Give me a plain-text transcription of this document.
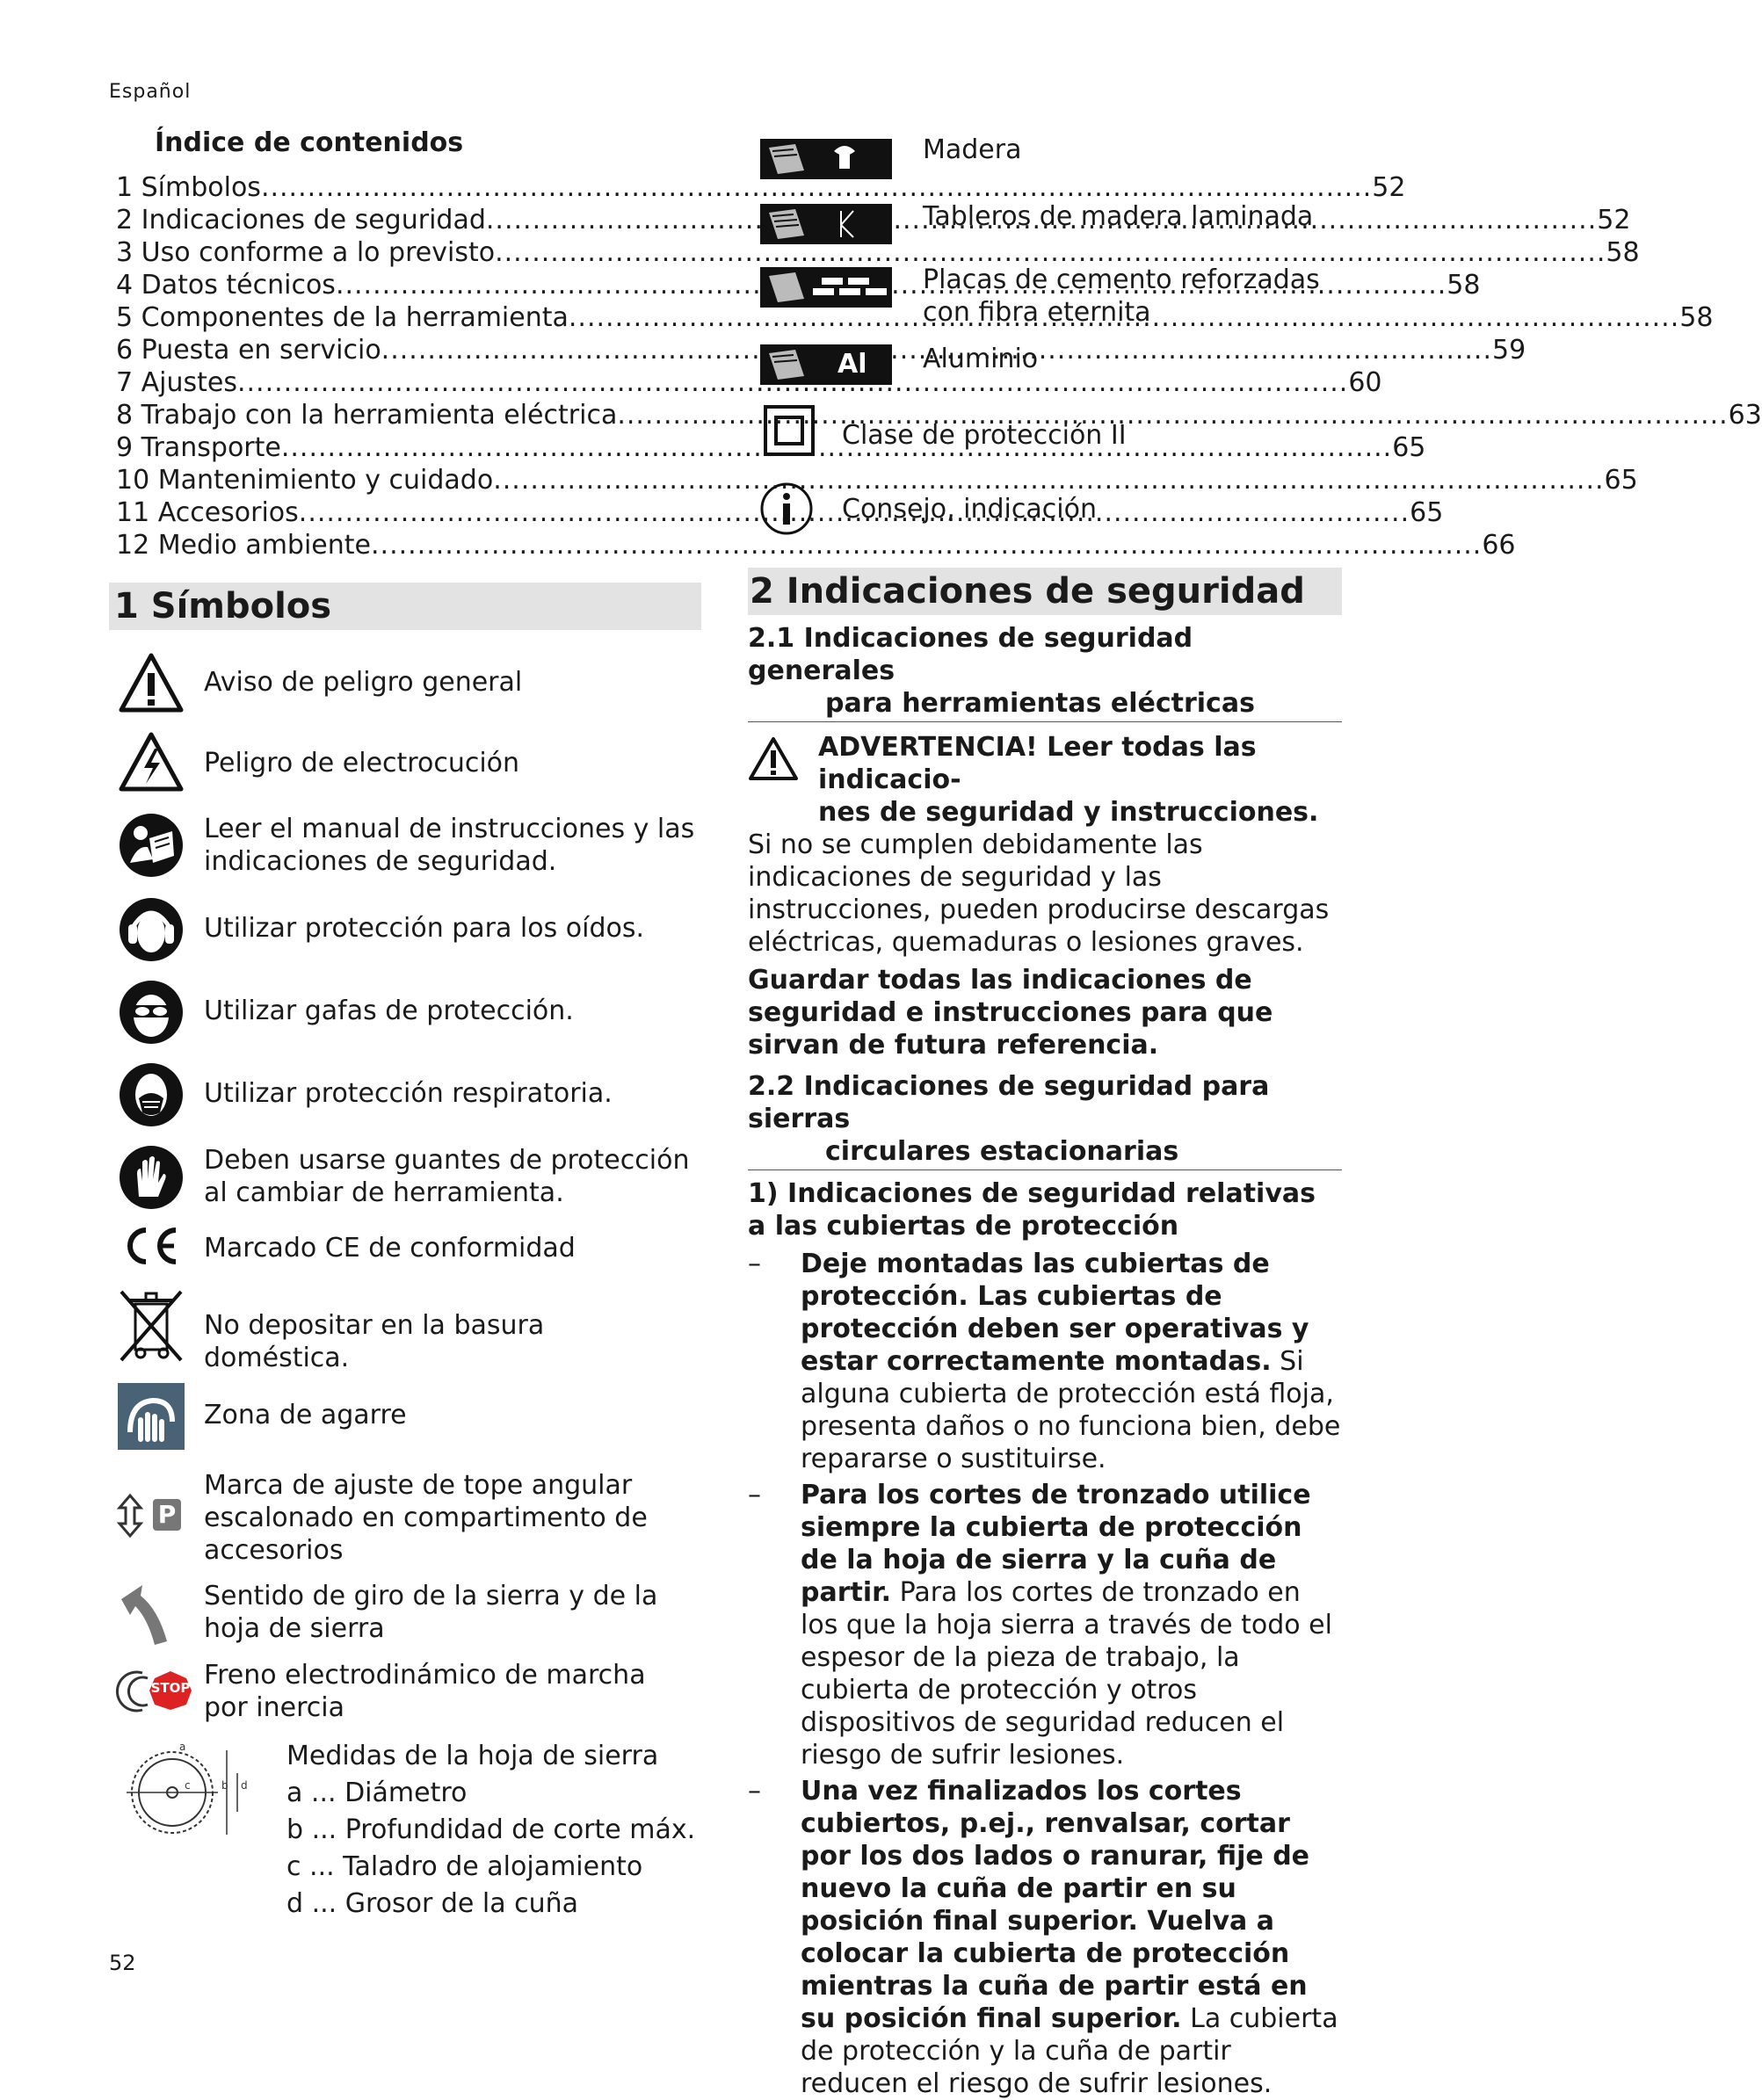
Español
Índice de contenidos
1 Símbolos .....	52
2 Indicaciones de seguridad .....	52
3 Uso conforme a lo previsto .....	58
4 Datos técnicos .....	58
5 Componentes de la herramienta .....	58
6 Puesta en servicio .....	59
7 Ajustes .....	60
8 Trabajo con la herramienta eléctrica .....	63
9 Transporte .....	65
10 Mantenimiento y cuidado .....	65
11 Accesorios .....	65
12 Medio ambiente .....	66
1 Símbolos
Aviso de peligro general
Peligro de electrocución
Leer el manual de instrucciones y las indicaciones de seguridad.
Utilizar protección para los oídos.
Utilizar gafas de protección.
Utilizar protección respiratoria.
Deben usarse guantes de protección al cambiar de herramienta.
Marcado CE de conformidad
No depositar en la basura doméstica.
Zona de agarre
P
Marca de ajuste de tope angular escalonado en compartimento de accesorios
Sentido de giro de la sierra y de la hoja de sierra
STOP Freno electrodinámico de marcha por inercia
a
c	b d
Medidas de la hoja de sierra
a ... Diámetro
b ... Profundidad de corte máx.
c ... Taladro de alojamiento
d ... Grosor de la cuña
Madera
Tableros de madera laminada
Placas de cemento reforzadas con fibra eternita
Al Aluminio
Clase de protección II
Consejo, indicación
2 Indicaciones de seguridad
2.1 Indicaciones de seguridad generales
para herramientas eléctricas
ADVERTENCIA! Leer todas las indicacio-
nes de seguridad y instrucciones.
Si no se cumplen debidamente las indicaciones de seguridad y las instrucciones, pueden producirse descargas eléctricas, quemaduras o lesiones graves.
Guardar todas las indicaciones de seguridad e instrucciones para que sirvan de futura referencia.
2.2 Indicaciones de seguridad para sierras
circulares estacionarias
1) Indicaciones de seguridad relativas a las cubiertas de protección
– Deje montadas las cubiertas de protección. Las cubiertas de protección deben ser operativas y estar correctamente montadas. Si alguna cubierta de protección está floja, presenta daños o no funciona bien, debe repararse o sustituirse.
– Para los cortes de tronzado utilice siempre la cubierta de protección de la hoja de sierra y la cuña de partir. Para los cortes de tronzado en los que la hoja sierra a través de todo el espesor de la pieza de trabajo, la cubierta de protección y otros dispositivos de seguridad reducen el riesgo de sufrir lesiones.
– Una vez finalizados los cortes cubiertos, p.ej., renvalsar, cortar por los dos lados o ranurar, fije de nuevo la cuña de partir en su posición final superior. Vuelva a colocar la cubierta de protección mientras la cuña de partir está en su posición final superior. La cubierta de protección y la cuña de partir reducen el riesgo de sufrir lesiones.
52
